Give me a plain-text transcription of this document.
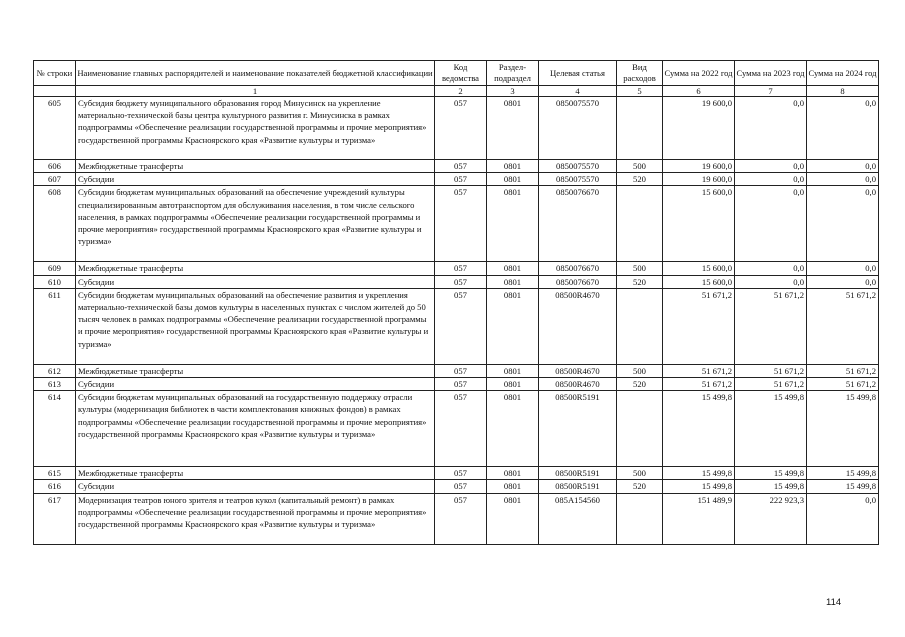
№ строки	Наименование главных распорядителей и наименование показателей бюджетной классификации	Код ведомства	Раздел-подраздел	Целевая статья	Вид расходов	Сумма на 2022 год	Сумма на 2023 год	Сумма на 2024 год
	1	2	3	4	5	6	7	8
605	Субсидия бюджету муниципального образования город Минусинск на укрепление материально-технической базы центра культурного развития г. Минусинска в рамках подпрограммы «Обеспечение реализации государственной программы и прочие мероприятия» государственной программы Красноярского края «Развитие культуры и туризма»	057	0801	0850075570		19 600,0	0,0	0,0
606	Межбюджетные трансферты	057	0801	0850075570	500	19 600,0	0,0	0,0
607	Субсидии	057	0801	0850075570	520	19 600,0	0,0	0,0
608	Субсидии бюджетам муниципальных образований на обеспечение учреждений культуры специализированным автотранспортом для обслуживания населения, в том числе сельского населения, в рамках подпрограммы «Обеспечение реализации государственной программы и прочие мероприятия» государственной программы Красноярского края «Развитие культуры и туризма»	057	0801	0850076670		15 600,0	0,0	0,0
609	Межбюджетные трансферты	057	0801	0850076670	500	15 600,0	0,0	0,0
610	Субсидии	057	0801	0850076670	520	15 600,0	0,0	0,0
611	Субсидии бюджетам муниципальных образований на обеспечение развития и укрепления материально-технической базы домов культуры в населенных пунктах с числом жителей до 50 тысяч человек в рамках подпрограммы «Обеспечение реализации государственной программы и прочие мероприятия» государственной программы Красноярского края «Развитие культуры и туризма»	057	0801	08500R4670		51 671,2	51 671,2	51 671,2
612	Межбюджетные трансферты	057	0801	08500R4670	500	51 671,2	51 671,2	51 671,2
613	Субсидии	057	0801	08500R4670	520	51 671,2	51 671,2	51 671,2
614	Субсидии бюджетам муниципальных образований на государственную поддержку отрасли культуры (модернизация библиотек в части комплектования книжных фондов) в рамках подпрограммы «Обеспечение реализации государственной программы и прочие мероприятия» государственной программы Красноярского края «Развитие культуры и туризма»	057	0801	08500R5191		15 499,8	15 499,8	15 499,8
615	Межбюджетные трансферты	057	0801	08500R5191	500	15 499,8	15 499,8	15 499,8
616	Субсидии	057	0801	08500R5191	520	15 499,8	15 499,8	15 499,8
617	Модернизация театров юного зрителя и театров кукол (капитальный ремонт) в рамках подпрограммы «Обеспечение реализации государственной программы и прочие мероприятия» государственной программы Красноярского края «Развитие культуры и туризма»	057	0801	085A154560		151 489,9	222 923,3	0,0
114
